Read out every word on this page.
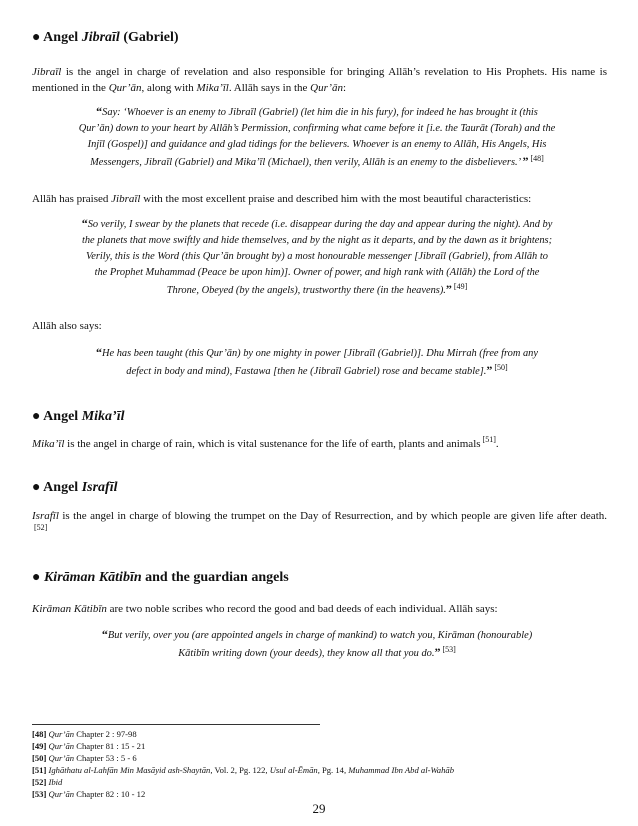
● Angel Jibraīl (Gabriel)
Jibraīl is the angel in charge of revelation and also responsible for bringing Allāh’s revelation to His Prophets. His name is mentioned in the Qur’ān, along with Mika’īl. Allāh says in the Qur’ān:
“Say: ‘Whoever is an enemy to Jibraīl (Gabriel) (let him die in his fury), for indeed he has brought it (this Qur’ān) down to your heart by Allāh’s Permission, confirming what came before it [i.e. the Taurāt (Torah) and the Injīl (Gospel)] and guidance and glad tidings for the believers. Whoever is an enemy to Allāh, His Angels, His Messengers, Jibraīl (Gabriel) and Mika’īl (Michael), then verily, Allāh is an enemy to the disbelievers.’ ” [48]
Allāh has praised Jibraīl with the most excellent praise and described him with the most beautiful characteristics:
“So verily, I swear by the planets that recede (i.e. disappear during the day and appear during the night). And by the planets that move swiftly and hide themselves, and by the night as it departs, and by the dawn as it brightens; Verily, this is the Word (this Qur’ān brought by) a most honourable messenger [Jibraīl (Gabriel), from Allāh to the Prophet Muhammad (Peace be upon him)]. Owner of power, and high rank with (Allāh) the Lord of the Throne, Obeyed (by the angels), trustworthy there (in the heavens).” [49]
Allāh also says:
“He has been taught (this Qur’ān) by one mighty in power [Jibraīl (Gabriel)]. Dhu Mirrah (free from any defect in body and mind), Fastawa [then he (Jibraīl Gabriel) rose and became stable].” [50]
● Angel Mika’īl
Mika’īl is the angel in charge of rain, which is vital sustenance for the life of earth, plants and animals [51].
● Angel Israfīl
Israfīl is the angel in charge of blowing the trumpet on the Day of Resurrection, and by which people are given life after death. [52]
● Kirāman Kātibīn and the guardian angels
Kirāman Kātibīn are two noble scribes who record the good and bad deeds of each individual. Allāh says:
“But verily, over you (are appointed angels in charge of mankind) to watch you, Kirāman (honourable) Kātibīn writing down (your deeds), they know all that you do.” [53]
[48] Qur’ān Chapter 2 : 97-98
[49] Qur’ān Chapter 81 : 15 - 21
[50] Qur’ān Chapter 53 : 5 - 6
[51] Ighāthatu al-Lahfān Min Masāyid ash-Shaytān, Vol. 2, Pg. 122, Usul al-Ēmān, Pg. 14, Muhammad Ibn Abd al-Wahāb
[52] Ibid
[53] Qur’ān Chapter 82 : 10 - 12
29
